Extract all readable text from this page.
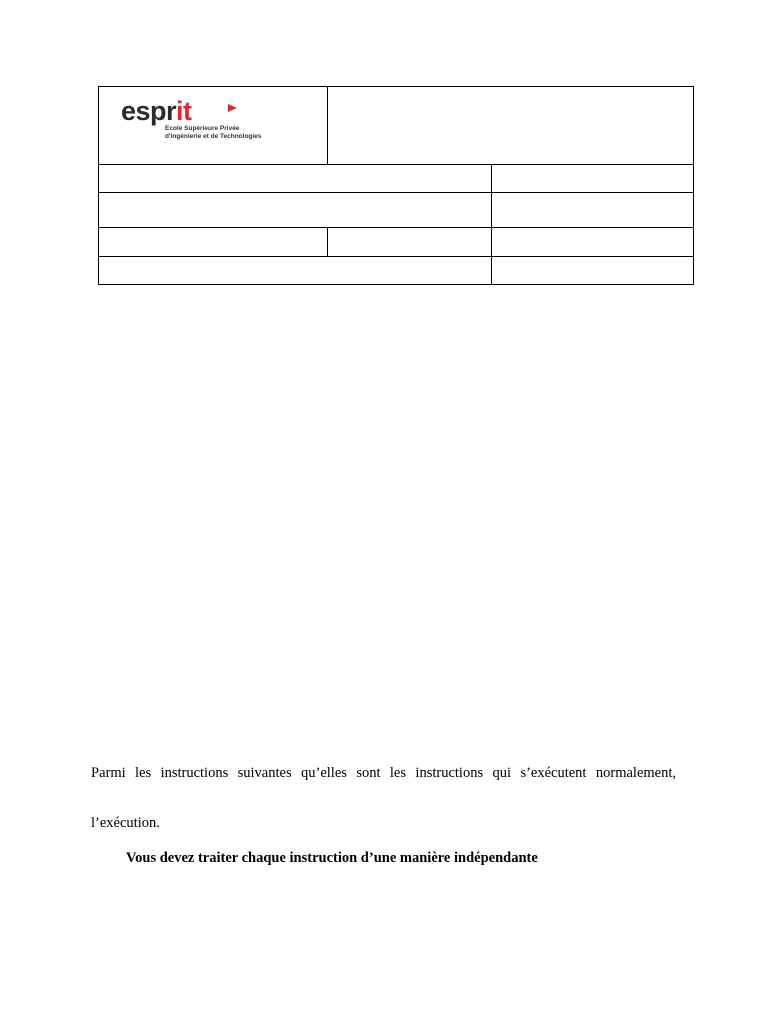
esprit
Ecole Supérieure Privée
d'Ingénierie et de Technologies		

Parmi les instructions suivantes qu’elles sont les instructions qui s’exécutent normalement,
l’exécution.
Vous devez traiter chaque instruction d’une manière indépendante
